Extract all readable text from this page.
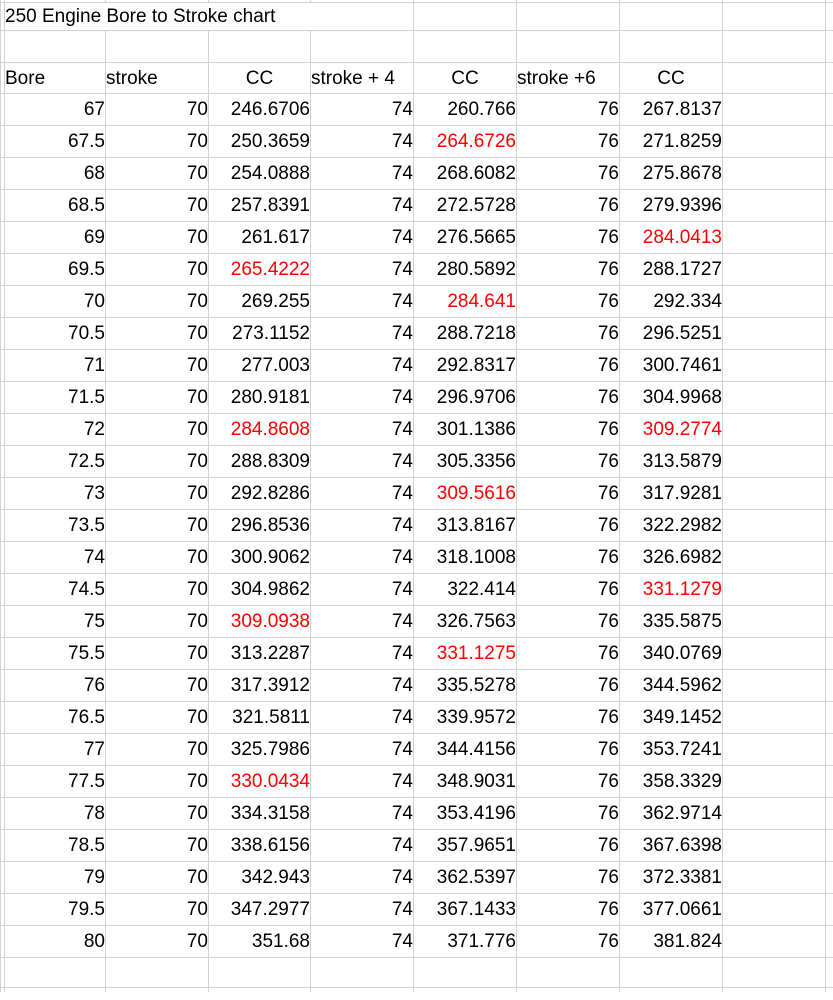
	250 Engine Bore to Stroke chart								

	Bore	stroke	CC	stroke + 4	CC	stroke +6	CC		
	67	70	246.6706	74	260.766	76	267.8137		
	67.5	70	250.3659	74	264.6726	76	271.8259		
	68	70	254.0888	74	268.6082	76	275.8678		
	68.5	70	257.8391	74	272.5728	76	279.9396		
	69	70	261.617	74	276.5665	76	284.0413		
	69.5	70	265.4222	74	280.5892	76	288.1727		
	70	70	269.255	74	284.641	76	292.334		
	70.5	70	273.1152	74	288.7218	76	296.5251		
	71	70	277.003	74	292.8317	76	300.7461		
	71.5	70	280.9181	74	296.9706	76	304.9968		
	72	70	284.8608	74	301.1386	76	309.2774		
	72.5	70	288.8309	74	305.3356	76	313.5879		
	73	70	292.8286	74	309.5616	76	317.9281		
	73.5	70	296.8536	74	313.8167	76	322.2982		
	74	70	300.9062	74	318.1008	76	326.6982		
	74.5	70	304.9862	74	322.414	76	331.1279		
	75	70	309.0938	74	326.7563	76	335.5875		
	75.5	70	313.2287	74	331.1275	76	340.0769		
	76	70	317.3912	74	335.5278	76	344.5962		
	76.5	70	321.5811	74	339.9572	76	349.1452		
	77	70	325.7986	74	344.4156	76	353.7241		
	77.5	70	330.0434	74	348.9031	76	358.3329		
	78	70	334.3158	74	353.4196	76	362.9714		
	78.5	70	338.6156	74	357.9651	76	367.6398		
	79	70	342.943	74	362.5397	76	372.3381		
	79.5	70	347.2977	74	367.1433	76	377.0661		
	80	70	351.68	74	371.776	76	381.824		
